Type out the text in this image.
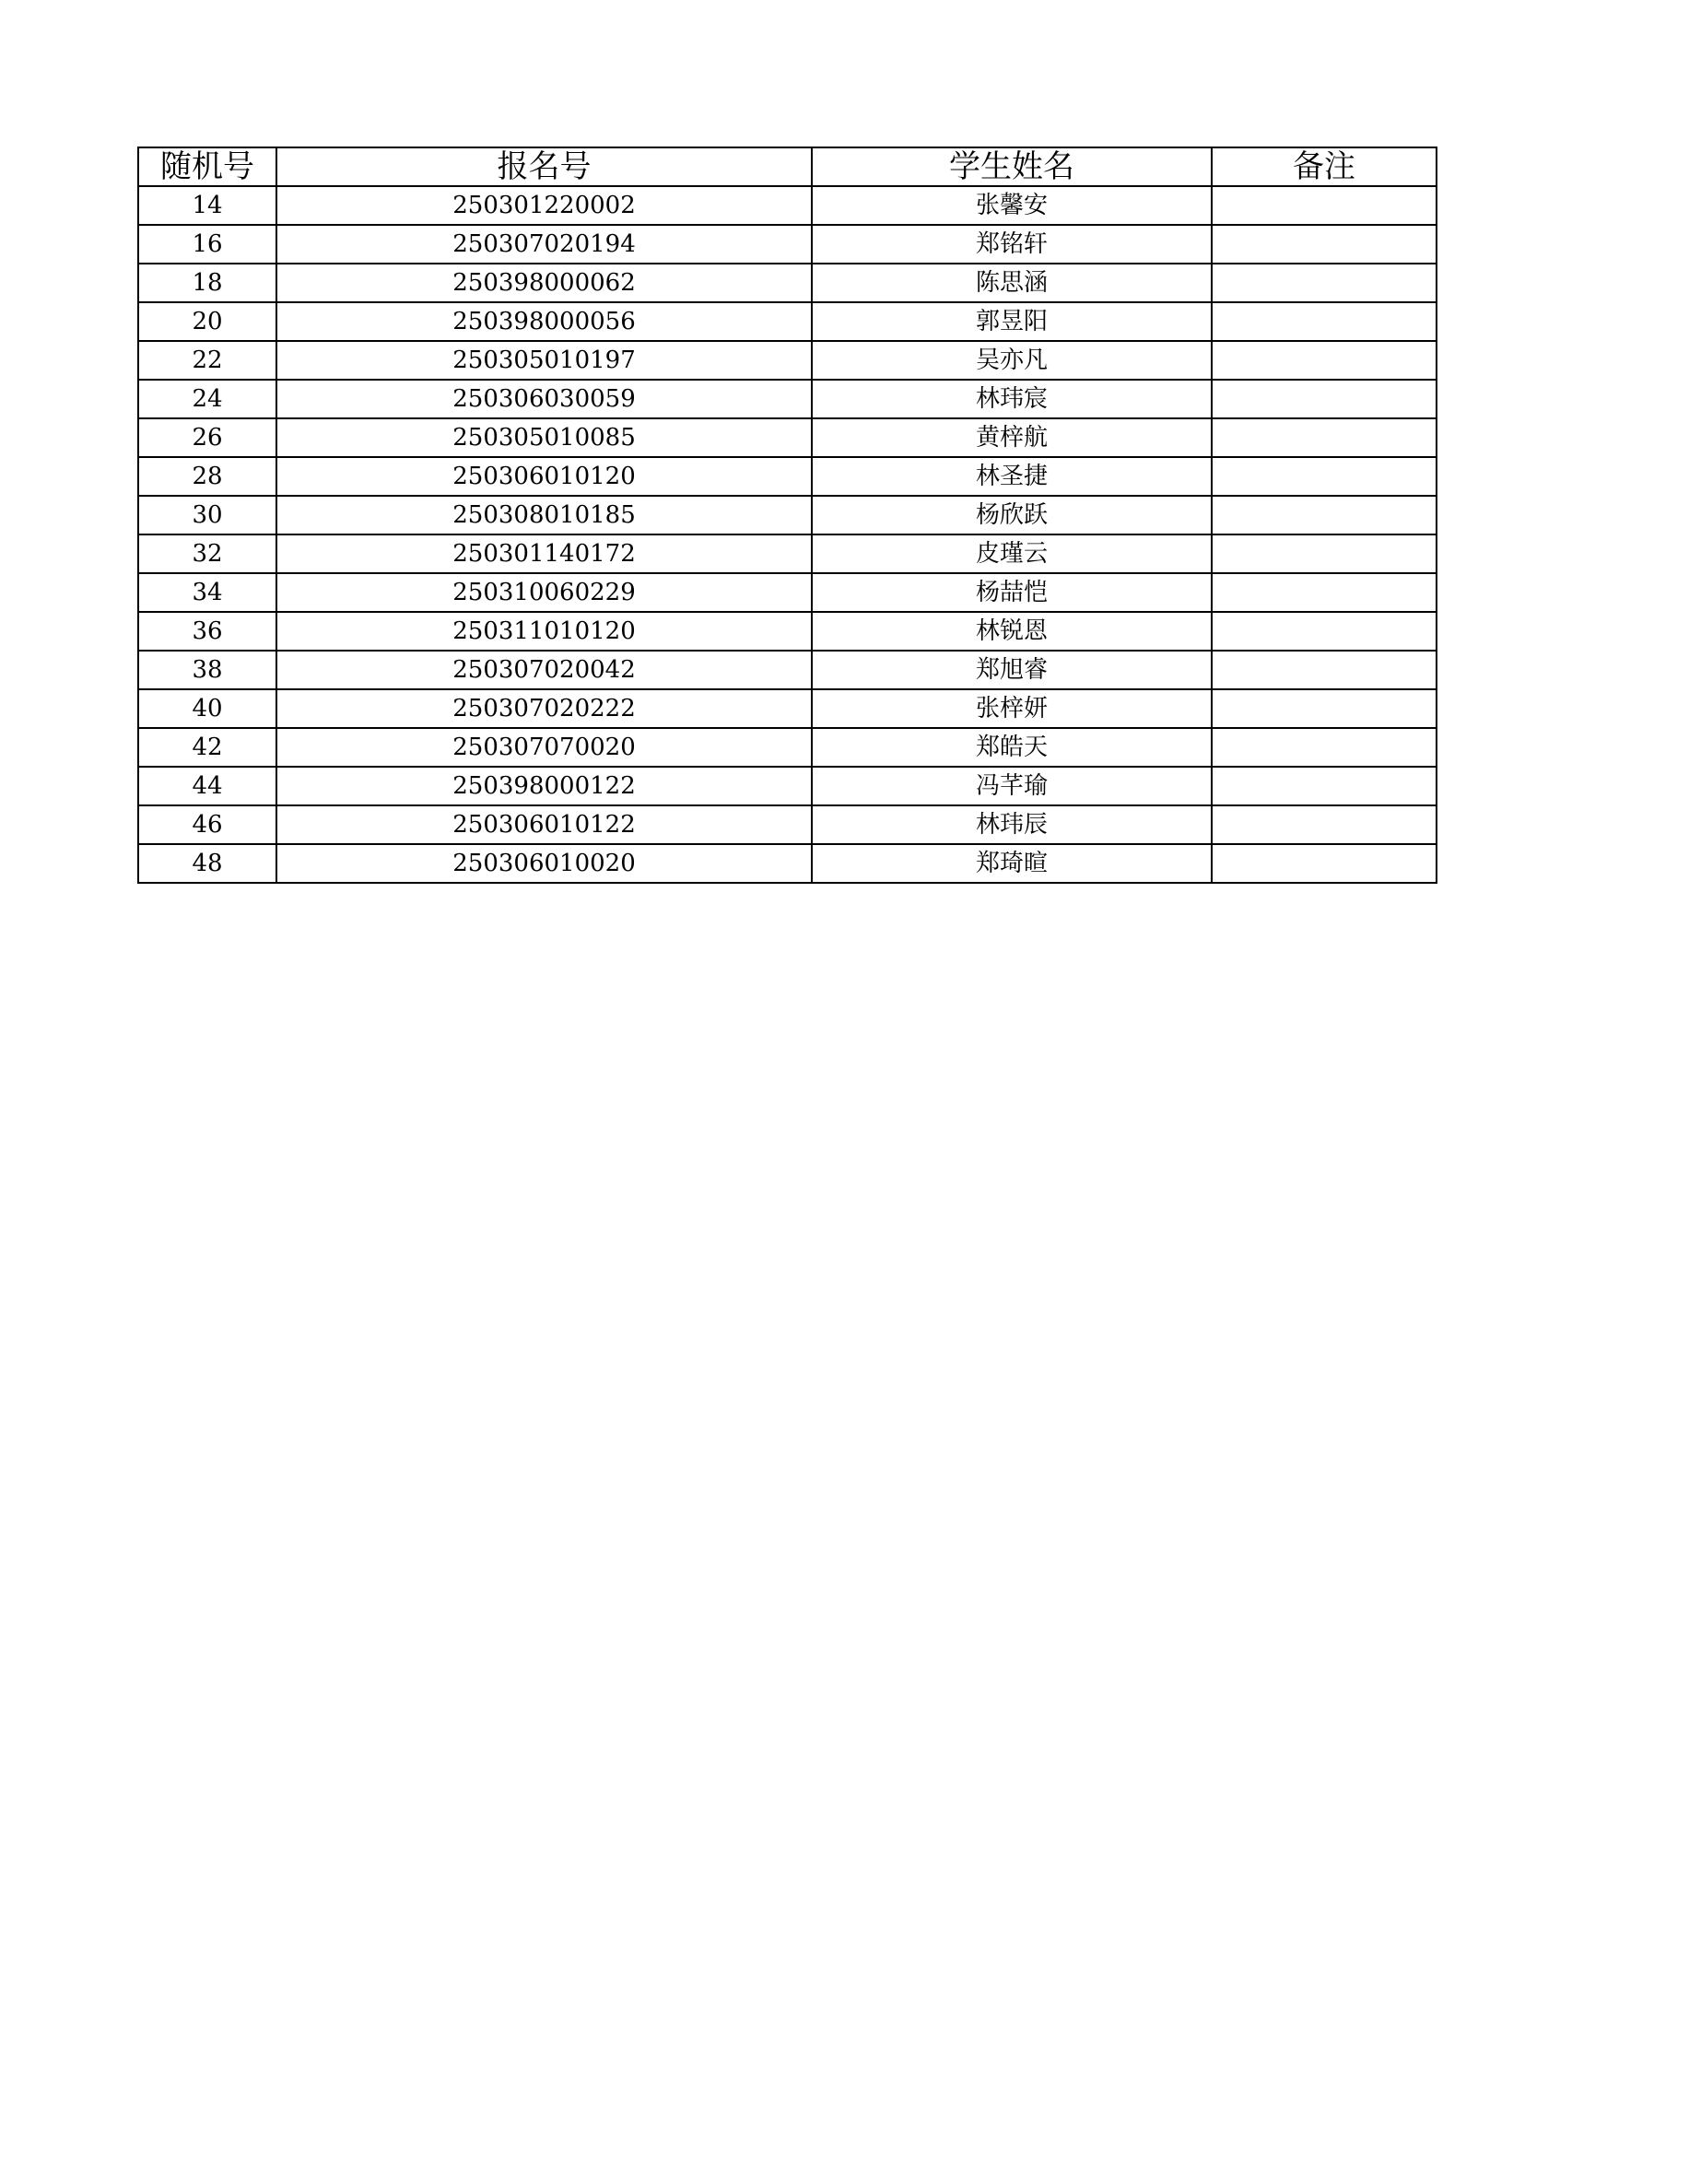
随机号	报名号	学生姓名	备注
14	250301220002	张馨安	
16	250307020194	郑铭轩	
18	250398000062	陈思涵	
20	250398000056	郭昱阳	
22	250305010197	吴亦凡	
24	250306030059	林玮宸	
26	250305010085	黄梓航	
28	250306010120	林圣捷	
30	250308010185	杨欣跃	
32	250301140172	皮瑾云	
34	250310060229	杨喆恺	
36	250311010120	林锐恩	
38	250307020042	郑旭睿	
40	250307020222	张梓妍	
42	250307070020	郑皓天	
44	250398000122	冯芊瑜	
46	250306010122	林玮辰	
48	250306010020	郑琦暄	
